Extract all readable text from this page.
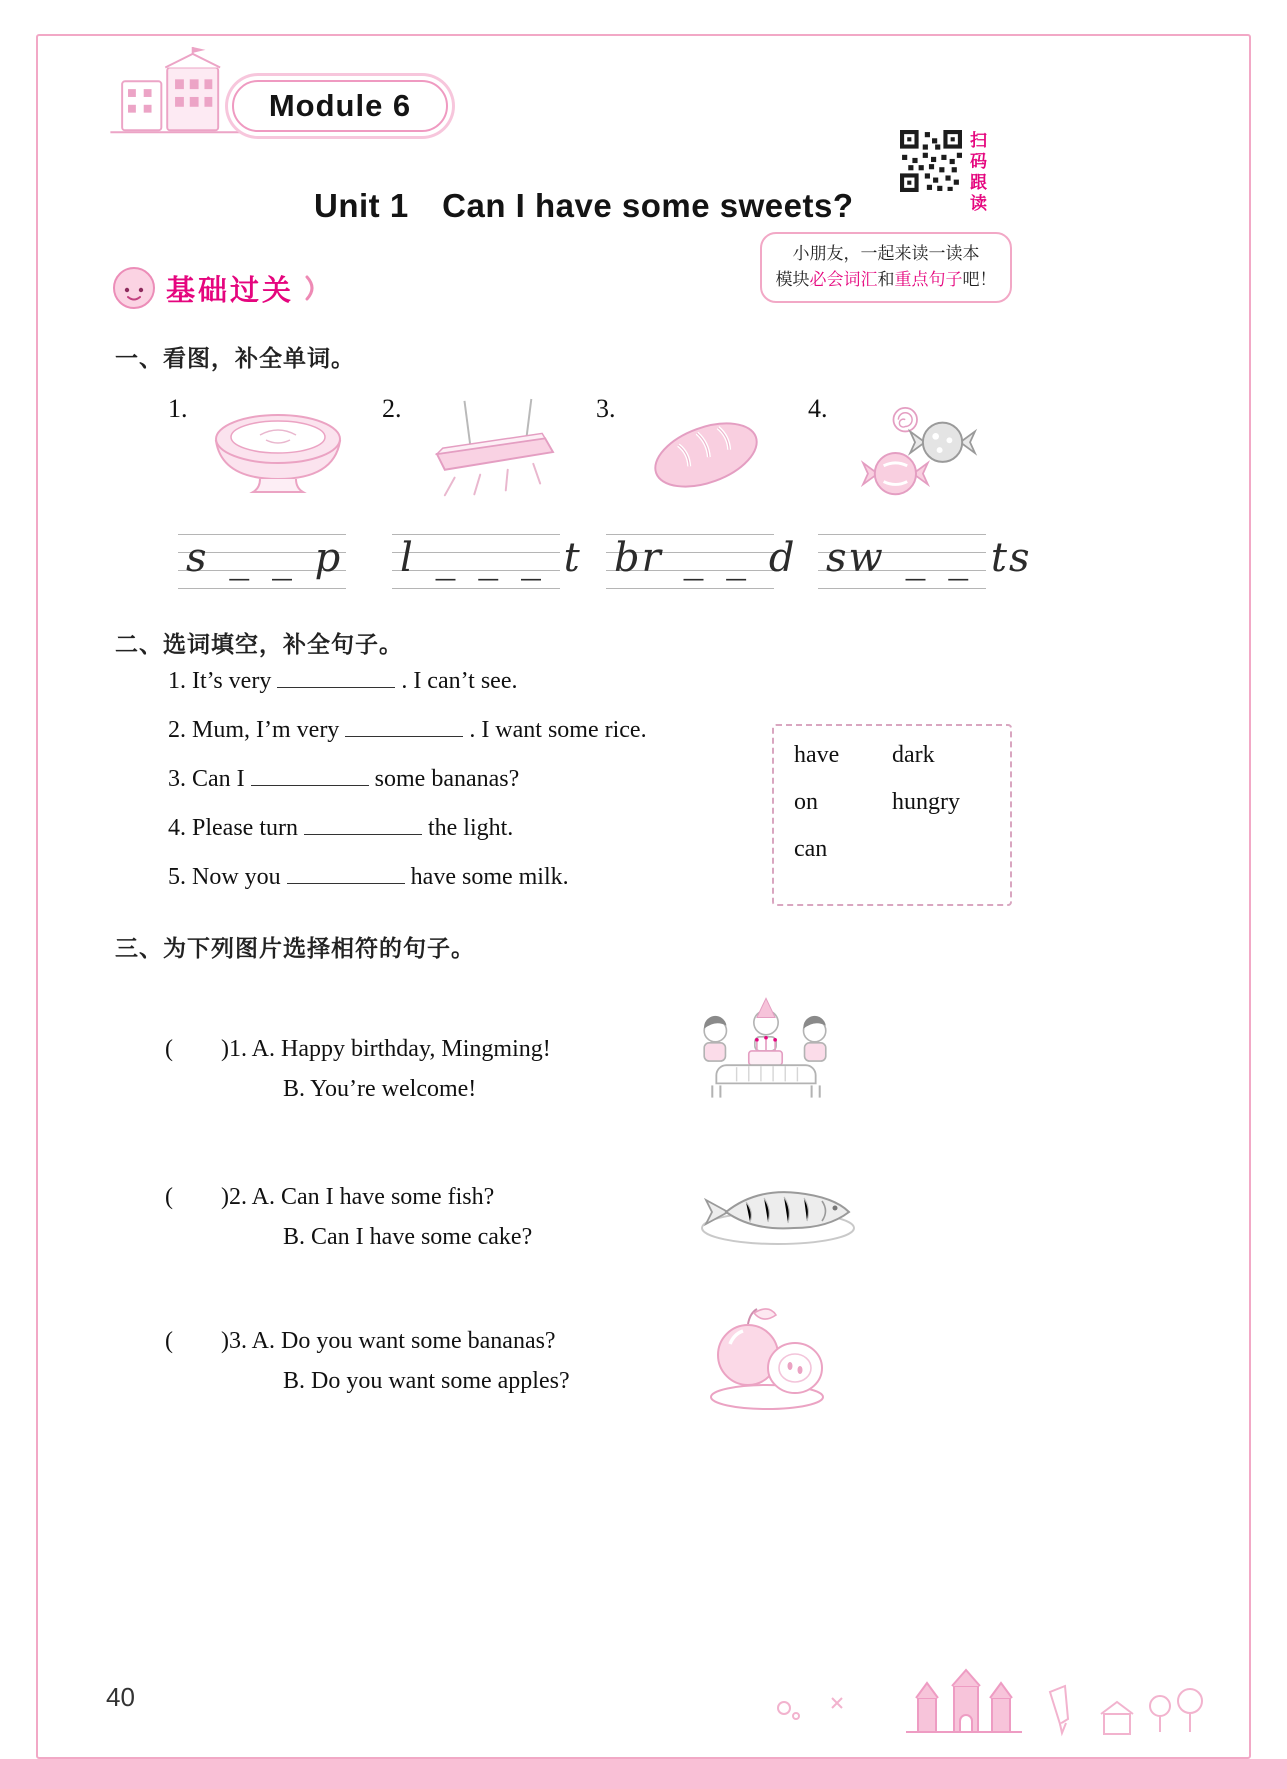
Module 6
Unit 1　Can I have some sweets?	扫码跟读
小朋友，一起来读一读本
模块必会词汇和重点句子吧！
基础过关
一、看图，补全单词。
1.
s _ _ p
2.
l _ _ _ t
3.
br _ _ d
4.
sw _ _ ts
二、选词填空，补全句子。
1. It’s very	. I can’t see.
2. Mum, I’m very	. I want some rice.
3. Can I	some bananas?
4. Please turn	the light.
5. Now you	have some milk.
have	dark
on	hungry
can
三、为下列图片选择相符的句子。
(　　)1. A. Happy birthday, Mingming!
B. You’re welcome!
(　　)2. A. Can I have some fish?
B. Can I have some cake?
(　　)3. A. Do you want some bananas?
B. Do you want some apples?
40
